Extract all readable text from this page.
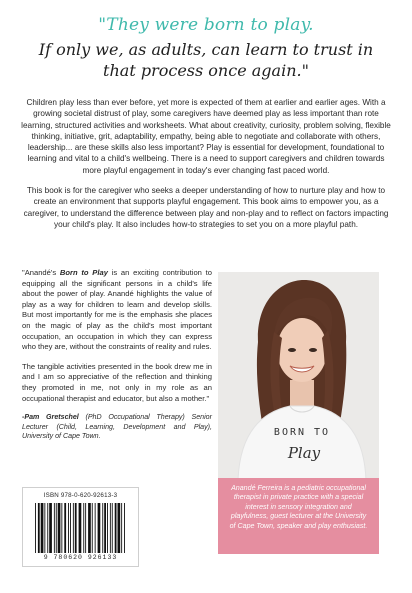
"They were born to play.
If only we, as adults, can learn to trust in
that process once again."

Children play less than ever before, yet more is expected of them at earlier and earlier ages. With a growing societal distrust of play, some caregivers have deemed play as less important than rote learning, structured activities and worksheets. What about creativity, curiosity, problem solving, flexible thinking, initiative, grit, adaptability, empathy, being able to negotiate and collaborate with others, leadership... are these skills also less important? Play is essential for development, foundational to learning and vital to a child's wellbeing. There is a need to support caregivers and children towards more playful engagement in today's ever changing fast paced world.

This book is for the caregiver who seeks a deeper understanding of how to nurture play and how to create an environment that supports playful engagement. This book aims to empower you, as a caregiver, to understand the difference between play and non-play and to reflect on factors impacting your child's play. It also includes how-to strategies to set you on a more playful path.

"Anandé's Born to Play is an exciting contribution to equipping all the significant persons in a child's life about the power of play. Anandé highlights the value of play as a way for children to learn and develop skills. But most importantly for me is the emphasis she places on the magic of play as the child's most important occupation, an occupation in which they can express who they are, without the constraints of reality and rules.

The tangible activities presented in the book drew me in and I am so appreciative of the reflection and thinking they promoted in me, not only in my role as an occupational therapist and educator, but also a mother."

-Pam Gretschel (PhD Occupational Therapy) Senior Lecturer (Child, Learning, Development and Play), University of Cape Town.	BORN TO
Play
Anandé Ferreira is a pediatric occupational therapist in private practice with a special interest in sensory integration and playfulness, guest lecturer at the University of Cape Town, speaker and play enthusiast.
ISBN 978-0-620-92613-3
9 780620 926133
